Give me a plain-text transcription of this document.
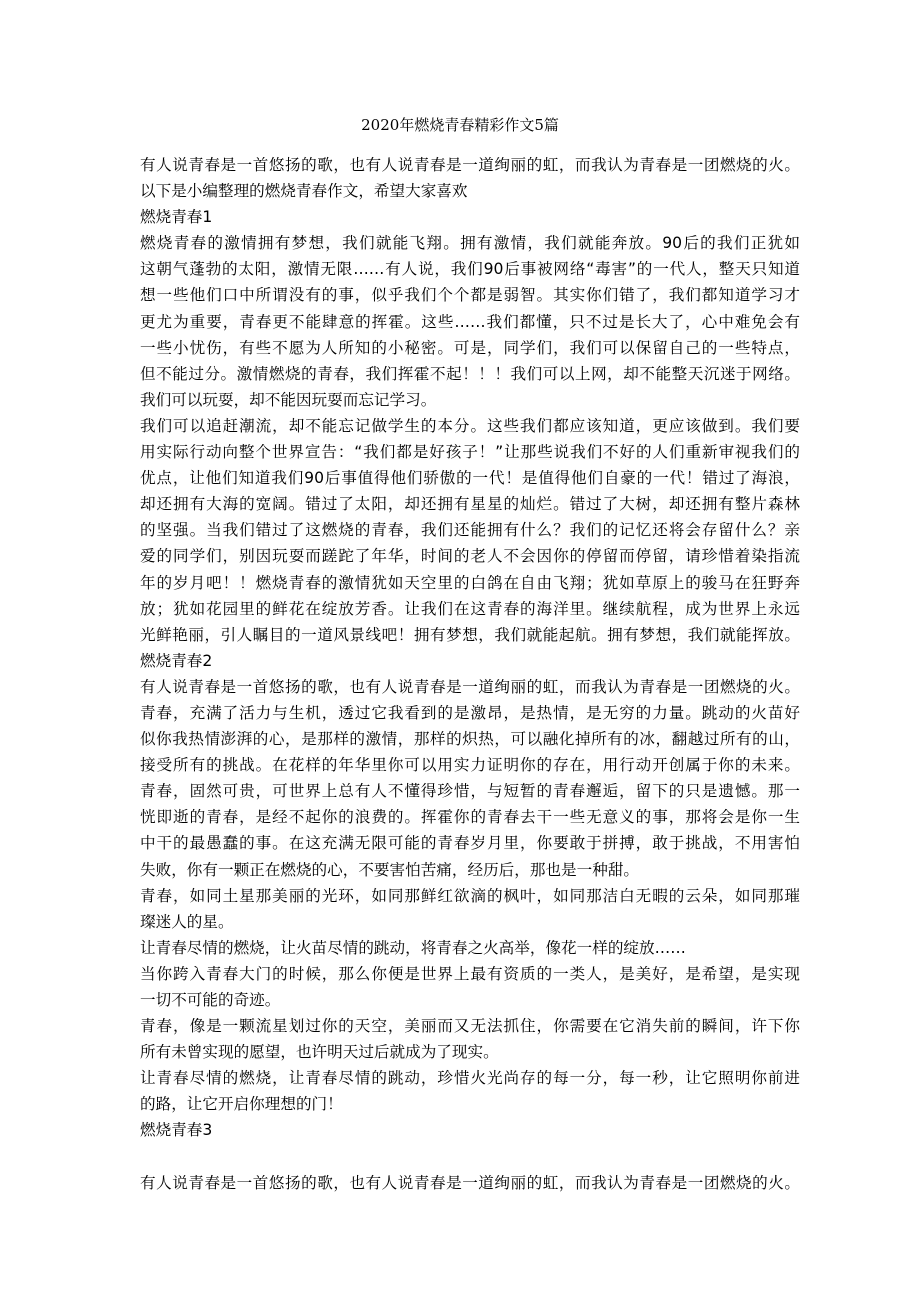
2020年燃烧青春精彩作文5篇
有人说青春是一首悠扬的歌，也有人说青春是一道绚丽的虹，而我认为青春是一团燃烧的火。
以下是小编整理的燃烧青春作文，希望大家喜欢
燃烧青春1
燃烧青春的激情拥有梦想，我们就能飞翔。拥有激情，我们就能奔放。90后的我们正犹如
这朝气蓬勃的太阳，激情无限……有人说，我们90后事被网络“毒害”的一代人，整天只知道
想一些他们口中所谓没有的事，似乎我们个个都是弱智。其实你们错了，我们都知道学习才
更尤为重要，青春更不能肆意的挥霍。这些……我们都懂，只不过是长大了，心中难免会有
一些小忧伤，有些不愿为人所知的小秘密。可是，同学们，我们可以保留自己的一些特点，
但不能过分。激情燃烧的青春，我们挥霍不起！！！我们可以上网，却不能整天沉迷于网络。
我们可以玩耍，却不能因玩耍而忘记学习。
我们可以追赶潮流，却不能忘记做学生的本分。这些我们都应该知道，更应该做到。我们要
用实际行动向整个世界宣告：“我们都是好孩子！”让那些说我们不好的人们重新审视我们的
优点，让他们知道我们90后事值得他们骄傲的一代！是值得他们自豪的一代！错过了海浪，
却还拥有大海的宽阔。错过了太阳，却还拥有星星的灿烂。错过了大树，却还拥有整片森林
的坚强。当我们错过了这燃烧的青春，我们还能拥有什么？我们的记忆还将会存留什么？亲
爱的同学们，别因玩耍而蹉跎了年华，时间的老人不会因你的停留而停留，请珍惜着染指流
年的岁月吧！！燃烧青春的激情犹如天空里的白鸽在自由飞翔；犹如草原上的骏马在狂野奔
放；犹如花园里的鲜花在绽放芳香。让我们在这青春的海洋里。继续航程，成为世界上永远
光鲜艳丽，引人瞩目的一道风景线吧！拥有梦想，我们就能起航。拥有梦想，我们就能挥放。
燃烧青春2
有人说青春是一首悠扬的歌，也有人说青春是一道绚丽的虹，而我认为青春是一团燃烧的火。
青春，充满了活力与生机，透过它我看到的是激昂，是热情，是无穷的力量。跳动的火苗好
似你我热情澎湃的心，是那样的激情，那样的炽热，可以融化掉所有的冰，翻越过所有的山，
接受所有的挑战。在花样的年华里你可以用实力证明你的存在，用行动开创属于你的未来。
青春，固然可贵，可世界上总有人不懂得珍惜，与短暂的青春邂逅，留下的只是遗憾。那一
恍即逝的青春，是经不起你的浪费的。挥霍你的青春去干一些无意义的事，那将会是你一生
中干的最愚蠢的事。在这充满无限可能的青春岁月里，你要敢于拼搏，敢于挑战，不用害怕
失败，你有一颗正在燃烧的心，不要害怕苦痛，经历后，那也是一种甜。
青春，如同土星那美丽的光环，如同那鲜红欲滴的枫叶，如同那洁白无暇的云朵，如同那璀
璨迷人的星。
让青春尽情的燃烧，让火苗尽情的跳动，将青春之火高举，像花一样的绽放……
当你跨入青春大门的时候，那么你便是世界上最有资质的一类人，是美好，是希望，是实现
一切不可能的奇迹。
青春，像是一颗流星划过你的天空，美丽而又无法抓住，你需要在它消失前的瞬间，许下你
所有未曾实现的愿望，也许明天过后就成为了现实。
让青春尽情的燃烧，让青春尽情的跳动，珍惜火光尚存的每一分，每一秒，让它照明你前进
的路，让它开启你理想的门！
燃烧青春3
有人说青春是一首悠扬的歌，也有人说青春是一道绚丽的虹，而我认为青春是一团燃烧的火。
